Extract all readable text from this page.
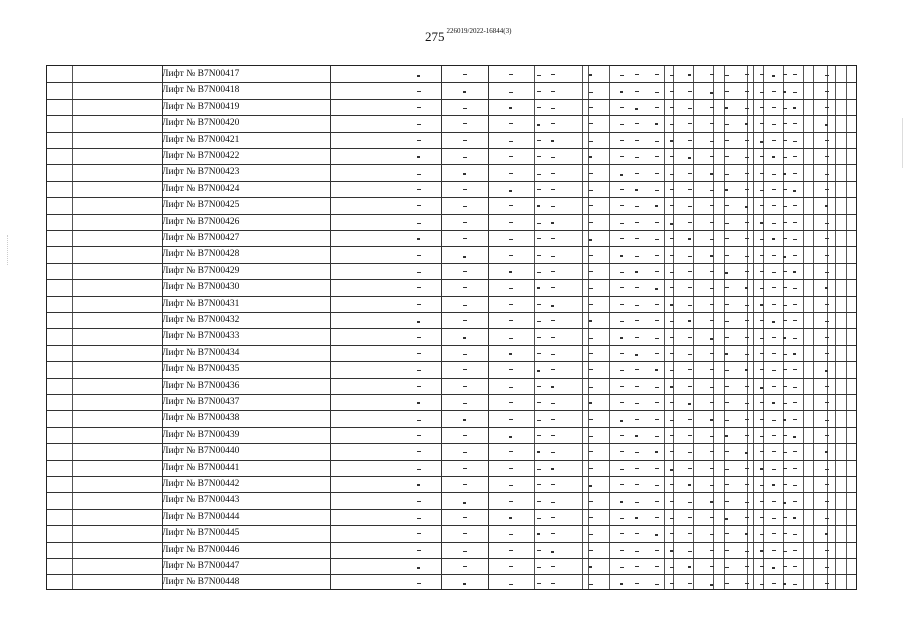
275 $^{226019/2022-16844(3)}$
Лифт № В7N00417
Лифт № В7N00418
Лифт № В7N00419
Лифт № В7N00420
Лифт № В7N00421
Лифт № В7N00422
Лифт № В7N00423
Лифт № В7N00424
Лифт № В7N00425
Лифт № В7N00426
Лифт № В7N00427
Лифт № В7N00428
Лифт № В7N00429
Лифт № В7N00430
Лифт № В7N00431
Лифт № В7N00432
Лифт № В7N00433
Лифт № В7N00434
Лифт № В7N00435
Лифт № В7N00436
Лифт № В7N00437
Лифт № В7N00438
Лифт № В7N00439
Лифт № В7N00440
Лифт № В7N00441
Лифт № В7N00442
Лифт № В7N00443
Лифт № В7N00444
Лифт № В7N00445
Лифт № В7N00446
Лифт № В7N00447
Лифт № В7N00448
